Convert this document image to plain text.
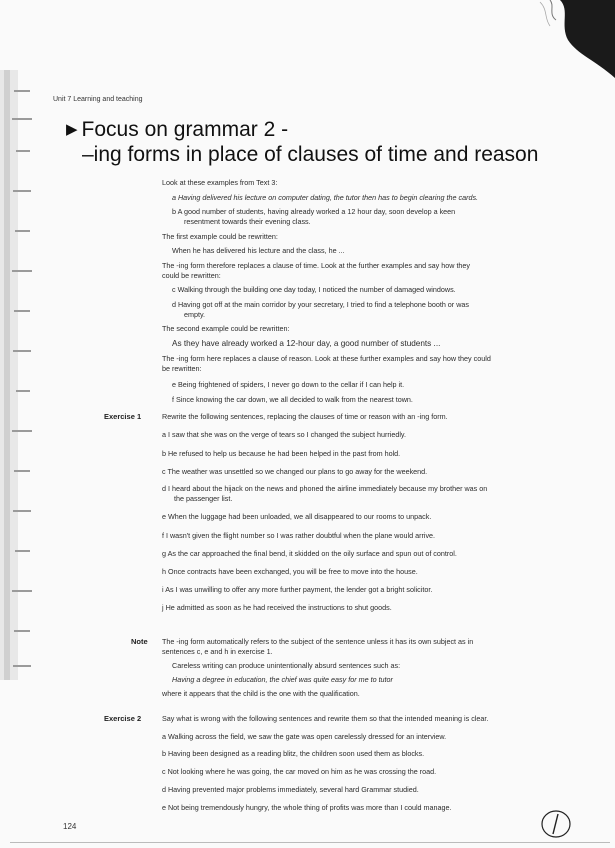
Unit 7 Learning and teaching
▶ Focus on grammar 2 -
–ing forms in place of clauses of time and reason
Look at these examples from Text 3:
a Having delivered his lecture on computer dating, the tutor then has to begin clearing the cards.
b A good number of students, having already worked a 12 hour day, soon develop a keen
resentment towards their evening class.
The first example could be rewritten:
When he has delivered his lecture and the class, he ...
The ‑ing form therefore replaces a clause of time. Look at the further examples and say how they
could be rewritten:
c Walking through the building one day today, I noticed the number of damaged windows.
d Having got off at the main corridor by your secretary, I tried to find a telephone booth or was
empty.
The second example could be rewritten:
As they have already worked a 12‑hour day, a good number of students ...
The ‑ing form here replaces a clause of reason. Look at these further examples and say how they could
be rewritten:
e Being frightened of spiders, I never go down to the cellar if I can help it.
f Since knowing the car down, we all decided to walk from the nearest town.
Exercise 1	Rewrite the following sentences, replacing the clauses of time or reason with an ‑ing form.
a I saw that she was on the verge of tears so I changed the subject hurriedly.
b He refused to help us because he had been helped in the past from hold.
c The weather was unsettled so we changed our plans to go away for the weekend.
d I heard about the hijack on the news and phoned the airline immediately because my brother was on
the passenger list.
e When the luggage had been unloaded, we all disappeared to our rooms to unpack.
f I wasn't given the flight number so I was rather doubtful when the plane would arrive.
g As the car approached the final bend, it skidded on the oily surface and spun out of control.
h Once contracts have been exchanged, you will be free to move into the house.
i As I was unwilling to offer any more further payment, the lender got a bright solicitor.
j He admitted as soon as he had received the instructions to shut goods.
Note The ‑ing form automatically refers to the subject of the sentence unless it has its own subject as in
sentences c, e and h in exercise 1.
Careless writing can produce unintentionally absurd sentences such as:
Having a degree in education, the chief was quite easy for me to tutor
where it appears that the child is the one with the qualification.
Exercise 2	Say what is wrong with the following sentences and rewrite them so that the intended meaning is clear.
a Walking across the field, we saw the gate was open carelessly dressed for an interview.
b Having been designed as a reading blitz, the children soon used them as blocks.
c Not looking where he was going, the car moved on him as he was crossing the road.
d Having prevented major problems immediately, several hard Grammar studied.
e Not being tremendously hungry, the whole thing of profits was more than I could manage.
124
